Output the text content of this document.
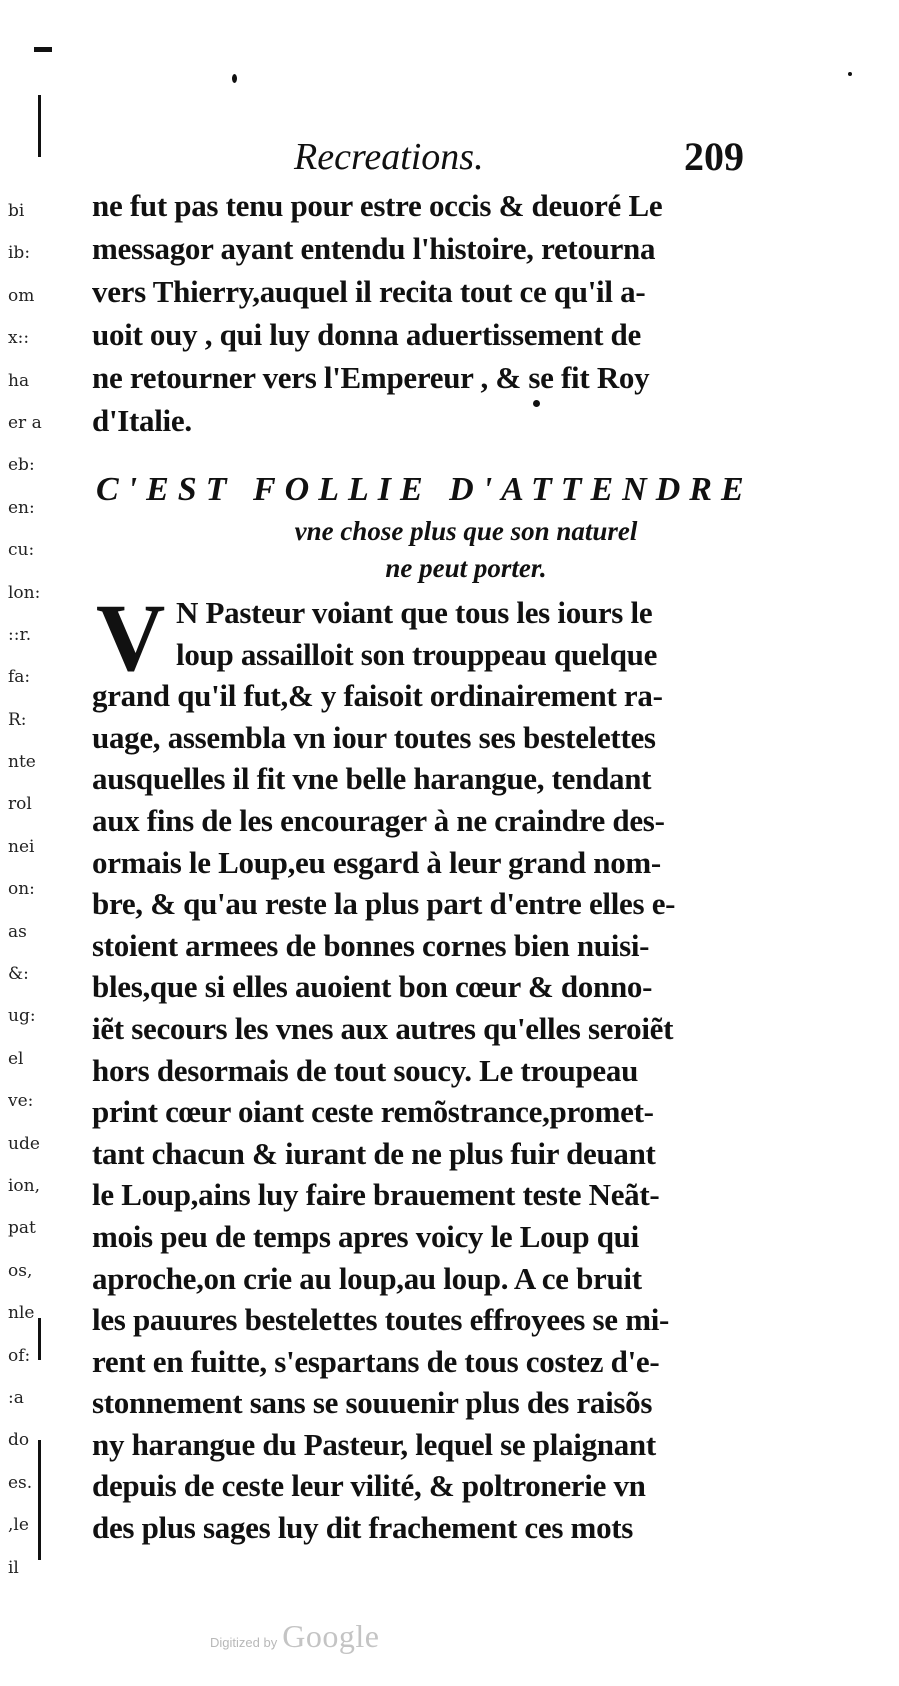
bi
ib:
om
x::
ha
er a
eb:
en:
cu:
lon:
::r.
fa:
R:
nte
rol
nei
on:
as
&:
ug:
el
ve:
ude
ion,
pat
os,
nle
of:
:a
do
es.
,le
il
Recreations.	209
ne fut pas tenu pour estre occis & deuoré Le
messagor ayant entendu l'histoire, retourna
vers Thierry,auquel il recita tout ce qu'il a-
uoit ouy , qui luy donna aduertissement de
ne retourner vers l'Empereur , & se fit Roy
d'Italie.
C'EST FOLLIE D'ATTENDRE
vne chose plus que son naturel
ne peut porter.
V N Pasteur voiant que tous les iours le
loup assailloit son trouppeau quelque
grand qu'il fut,& y faisoit ordinairement ra-
uage, assembla vn iour toutes ses bestelettes
ausquelles il fit vne belle harangue, tendant
aux fins de les encourager à ne craindre des-
ormais le Loup,eu esgard à leur grand nom-
bre, & qu'au reste la plus part d'entre elles e-
stoient armees de bonnes cornes bien nuisi-
bles,que si elles auoient bon cœur & donno-
iẽt secours les vnes aux autres qu'elles seroiẽt
hors desormais de tout soucy. Le troupeau
print cœur oiant ceste remõstrance,promet-
tant chacun & iurant de ne plus fuir deuant
le Loup,ains luy faire brauement teste Neãt-
mois peu de temps apres voicy le Loup qui
aproche,on crie au loup,au loup. A ce bruit
les pauures bestelettes toutes effroyees se mi-
rent en fuitte, s'espartans de tous costez d'e-
stonnement sans se souuenir plus des raisõs
ny harangue du Pasteur, lequel se plaignant
depuis de ceste leur vilité, & poltronerie vn
des plus sages luy dit frachement ces mots
Digitized by Google
